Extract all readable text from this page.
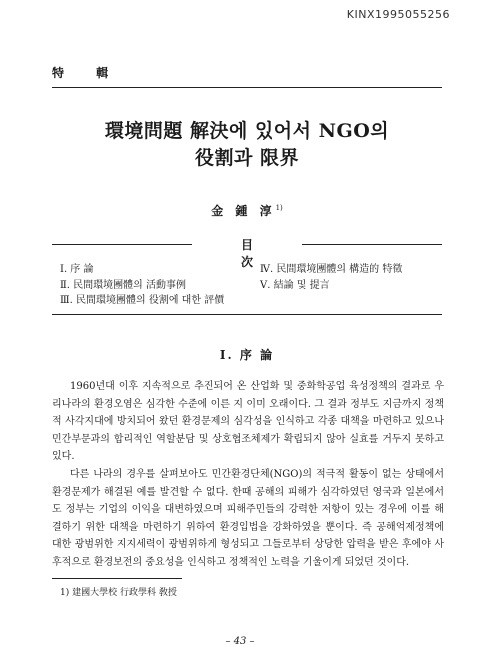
KINX1995055256
特 輯
環境問題 解決에 있어서 NGO의
役割과 限界
金 鍾 淳$^{1)}$
目 次
Ⅰ. 序 論
Ⅱ. 民間環境團體의 活動事例
Ⅲ. 民間環境團體의 役割에 대한 評價
Ⅳ. 民間環境團體의 構造的 特徵
Ⅴ. 結論 및 提言
Ⅰ. 序 論

1960년대 이후 지속적으로 추진되어 온 산업화 및 중화학공업 육성정책의 결과로 우리나라의 환경오염은 심각한 수준에 이른 지 이미 오래이다. 그 결과 정부도 지금까지 정책적 사각지대에 방치되어 왔던 환경문제의 심각성을 인식하고 각종 대책을 마련하고 있으나 민간부문과의 합리적인 역할분담 및 상호협조체제가 확립되지 않아 실효를 거두지 못하고 있다.

다른 나라의 경우를 살펴보아도 민간환경단체(NGO)의 적극적 활동이 없는 상태에서 환경문제가 해결된 예를 발견할 수 없다. 한때 공해의 피해가 심각하였던 영국과 일본에서도 정부는 기업의 이익을 대변하였으며 피해주민들의 강력한 저항이 있는 경우에 이를 해결하기 위한 대책을 마련하기 위하여 환경입법을 강화하였을 뿐이다. 즉 공해억제정책에 대한 광범위한 지지세력이 광범위하게 형성되고 그들로부터 상당한 압력을 받은 후에야 사후적으로 환경보전의 중요성을 인식하고 정책적인 노력을 기울이게 되었던 것이다.

1) 建國大學校 行政學科 敎授
– 43 –
